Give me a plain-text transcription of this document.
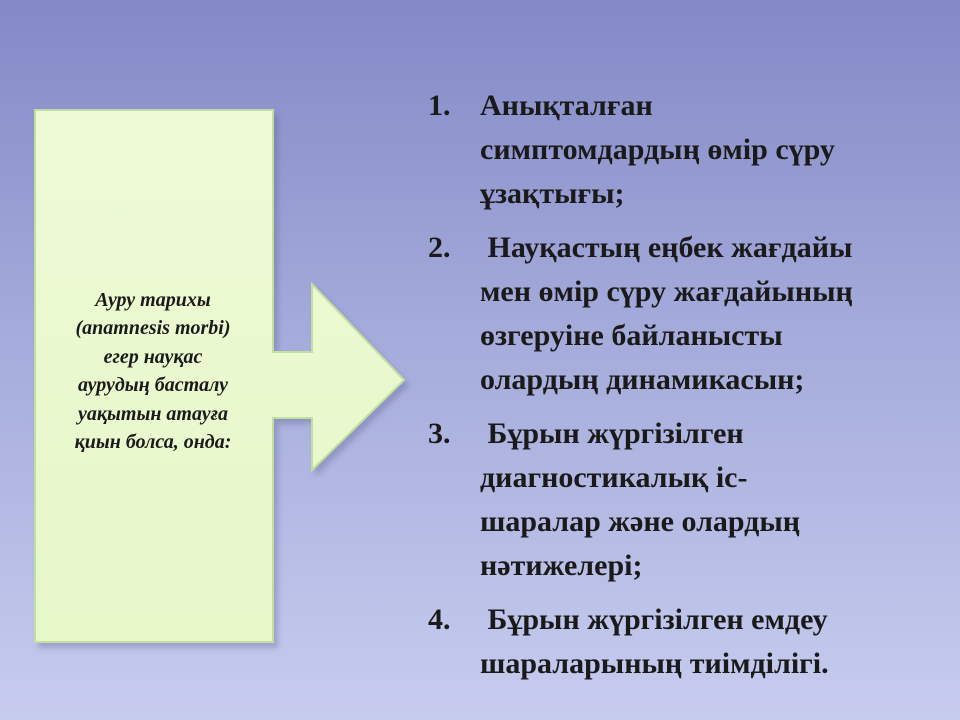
Ауру тарихы
(anamnesis morbi)
егер науқас
аурудың басталу
уақытын атауға
қиын болса, онда:
1. Анықталған
симптомдардың өмір сүру
ұзақтығы;
2. Науқастың еңбек жағдайы
мен өмір сүру жағдайының
өзгеруіне байланысты
олардың динамикасын;
3. Бұрын жүргізілген
диагностикалық іс-
шаралар және олардың
нәтижелері;
4. Бұрын жүргізілген емдеу
шараларының тиімділігі.
